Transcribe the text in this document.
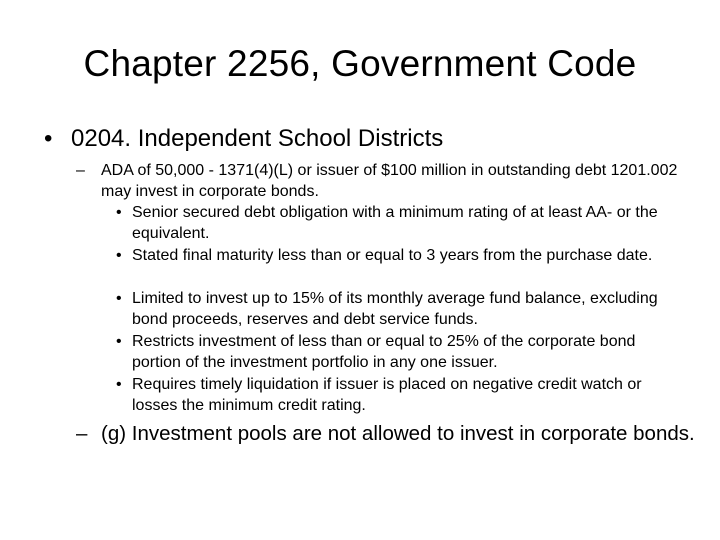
Chapter 2256, Government Code
• 0204. Independent School Districts
– ADA of 50,000 - 1371(4)(L) or issuer of $100 million in outstanding debt 1201.002 may invest in corporate bonds.
• Senior secured debt obligation with a minimum rating of at least AA- or the equivalent.
• Stated final maturity less than or equal to 3 years from the purchase date.
• Limited to invest up to 15% of its monthly average fund balance, excluding bond proceeds, reserves and debt service funds.
• Restricts investment of less than or equal to 25% of the corporate bond portion of the investment portfolio in any one issuer.
• Requires timely liquidation if issuer is placed on negative credit watch or losses the minimum credit rating.
– (g) Investment pools are not allowed to invest in corporate bonds.
